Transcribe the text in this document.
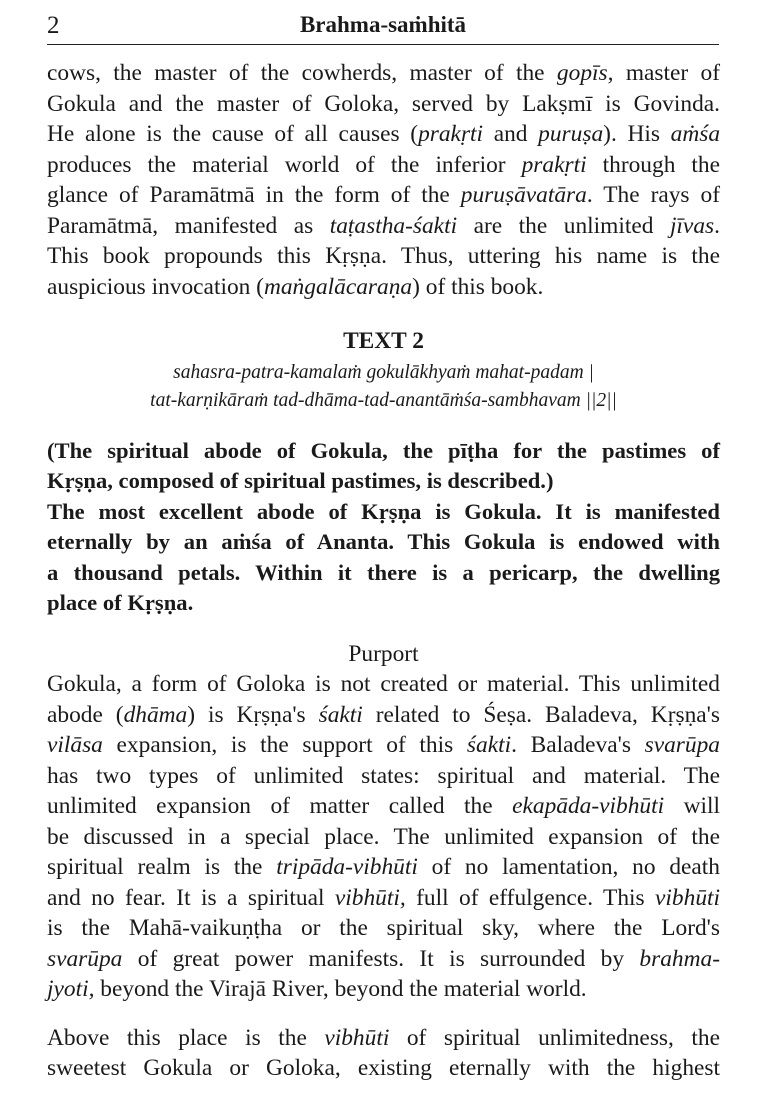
2	Brahma-saṁhitā
cows, the master of the cowherds, master of the gopīs, master of
Gokula and the master of Goloka, served by Lakṣmī is Govinda.
He alone is the cause of all causes (prakṛti and puruṣa). His aṁśa
produces the material world of the inferior prakṛti through the
glance of Paramātmā in the form of the puruṣāvatāra. The rays of
Paramātmā, manifested as taṭastha-śakti are the unlimited jīvas.
This book propounds this Kṛṣṇa. Thus, uttering his name is the
auspicious invocation (maṅgalācaraṇa) of this book.
TEXT 2
sahasra-patra-kamalaṁ gokulākhyaṁ mahat-padam |
tat-karṇikāraṁ tad-dhāma-tad-anantāṁśa-sambhavam ||2||
(The spiritual abode of Gokula, the pīṭha for the pastimes of
Kṛṣṇa, composed of spiritual pastimes, is described.)
The most excellent abode of Kṛṣṇa is Gokula. It is manifested
eternally by an aṁśa of Ananta. This Gokula is endowed with
a thousand petals. Within it there is a pericarp, the dwelling
place of Kṛṣṇa.
Purport
Gokula, a form of Goloka is not created or material. This unlimited
abode (dhāma) is Kṛṣṇa's śakti related to Śeṣa. Baladeva, Kṛṣṇa's
vilāsa expansion, is the support of this śakti. Baladeva's svarūpa
has two types of unlimited states: spiritual and material. The
unlimited expansion of matter called the ekapāda-vibhūti will
be discussed in a special place. The unlimited expansion of the
spiritual realm is the tripāda-vibhūti of no lamentation, no death
and no fear. It is a spiritual vibhūti, full of effulgence. This vibhūti
is the Mahā-vaikuṇṭha or the spiritual sky, where the Lord's
svarūpa of great power manifests. It is surrounded by brahma-
jyoti, beyond the Virajā River, beyond the material world.
Above this place is the vibhūti of spiritual unlimitedness, the
sweetest Gokula or Goloka, existing eternally with the highest
